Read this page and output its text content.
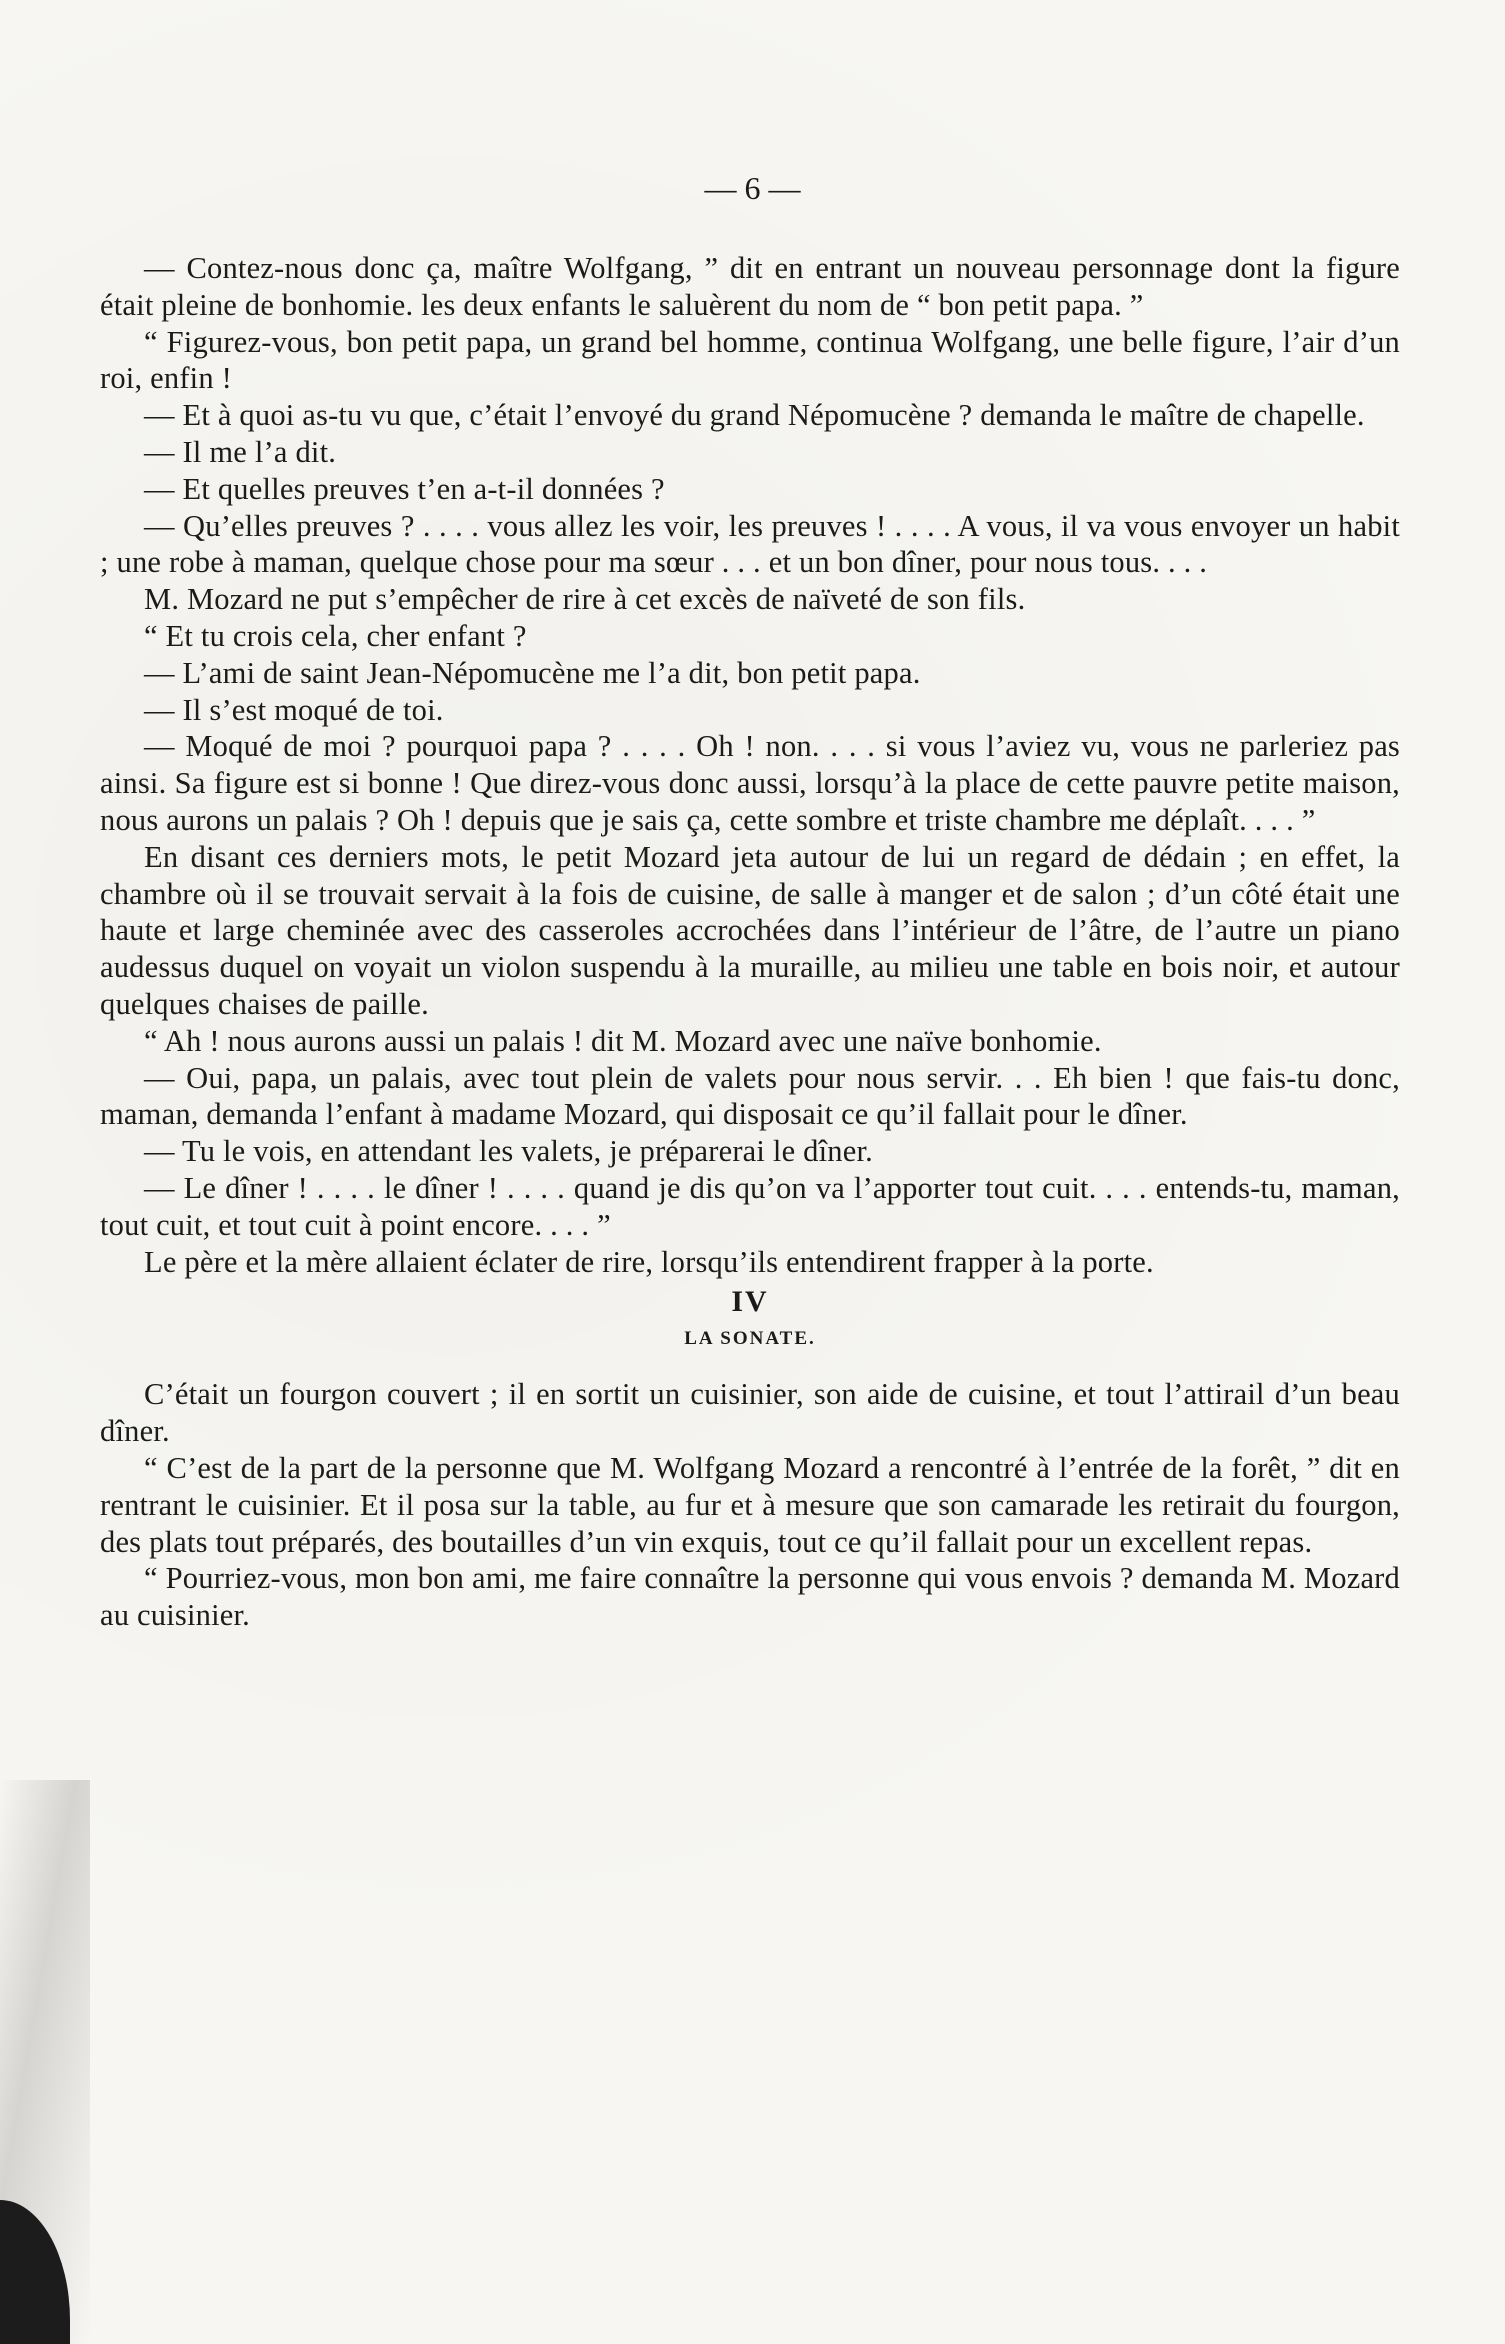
— 6 —

— Contez-nous donc ça, maître Wolfgang, ” dit en entrant un nouveau personnage dont la figure était pleine de bonhomie. les deux enfants le saluèrent du nom de “ bon petit papa. ”

“ Figurez-vous, bon petit papa, un grand bel homme, continua Wolfgang, une belle figure, l’air d’un roi, enfin !

— Et à quoi as-tu vu que, c’était l’envoyé du grand Népomucène ? demanda le maître de chapelle.

— Il me l’a dit.

— Et quelles preuves t’en a-t-il données ?

— Qu’elles preuves ? . . . . vous allez les voir, les preuves ! . . . . A vous, il va vous envoyer un habit ; une robe à maman, quelque chose pour ma sœur . . . et un bon dîner, pour nous tous. . . .

M. Mozard ne put s’empêcher de rire à cet excès de naïveté de son fils.

“ Et tu crois cela, cher enfant ?

— L’ami de saint Jean-Népomucène me l’a dit, bon petit papa.

— Il s’est moqué de toi.

— Moqué de moi ? pourquoi papa ? . . . . Oh ! non. . . . si vous l’aviez vu, vous ne parleriez pas ainsi. Sa figure est si bonne ! Que direz-vous donc aussi, lorsqu’à la place de cette pauvre petite maison, nous aurons un palais ? Oh ! depuis que je sais ça, cette sombre et triste chambre me déplaît. . . . ”

En disant ces derniers mots, le petit Mozard jeta autour de lui un regard de dédain ; en effet, la chambre où il se trouvait servait à la fois de cuisine, de salle à manger et de salon ; d’un côté était une haute et large cheminée avec des casseroles accrochées dans l’intérieur de l’âtre, de l’autre un piano audessus duquel on voyait un violon suspendu à la muraille, au milieu une table en bois noir, et autour quelques chaises de paille.

“ Ah ! nous aurons aussi un palais ! dit M. Mozard avec une naïve bonhomie.

— Oui, papa, un palais, avec tout plein de valets pour nous servir. . . Eh bien ! que fais-tu donc, maman, demanda l’enfant à madame Mozard, qui disposait ce qu’il fallait pour le dîner.

— Tu le vois, en attendant les valets, je préparerai le dîner.

— Le dîner ! . . . . le dîner ! . . . . quand je dis qu’on va l’apporter tout cuit. . . . entends-tu, maman, tout cuit, et tout cuit à point encore. . . . ”

Le père et la mère allaient éclater de rire, lorsqu’ils entendirent frapper à la porte.

IV
LA SONATE.

C’était un fourgon couvert ; il en sortit un cuisinier, son aide de cuisine, et tout l’attirail d’un beau dîner.

“ C’est de la part de la personne que M. Wolfgang Mozard a rencontré à l’entrée de la forêt, ” dit en rentrant le cuisinier. Et il posa sur la table, au fur et à mesure que son camarade les retirait du fourgon, des plats tout préparés, des boutailles d’un vin exquis, tout ce qu’il fallait pour un excellent repas.

“ Pourriez-vous, mon bon ami, me faire connaître la personne qui vous envois ? demanda M. Mozard au cuisinier.
